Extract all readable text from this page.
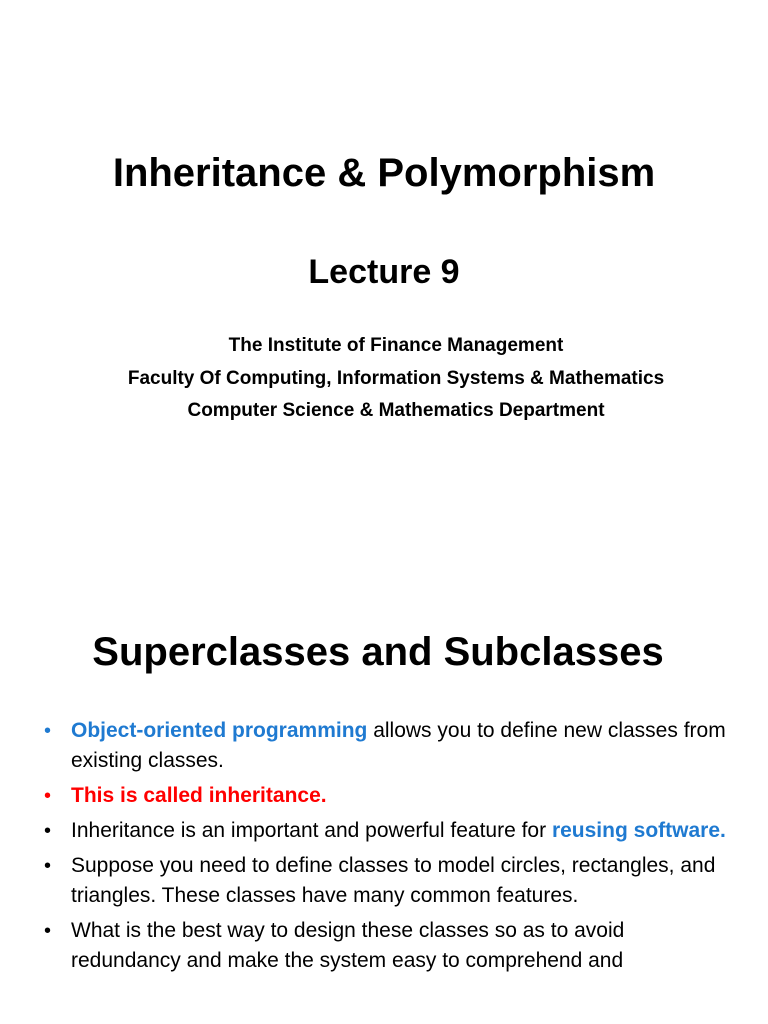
Inheritance & Polymorphism
Lecture 9
The Institute of Finance Management
Faculty Of Computing, Information Systems & Mathematics
Computer Science & Mathematics Department
Superclasses and Subclasses
• Object-oriented programming allows you to define new classes from existing classes.
• This is called inheritance.
• Inheritance is an important and powerful feature for reusing software.
• Suppose you need to define classes to model circles, rectangles, and triangles. These classes have many common features.
• What is the best way to design these classes so as to avoid redundancy and make the system easy to comprehend and
